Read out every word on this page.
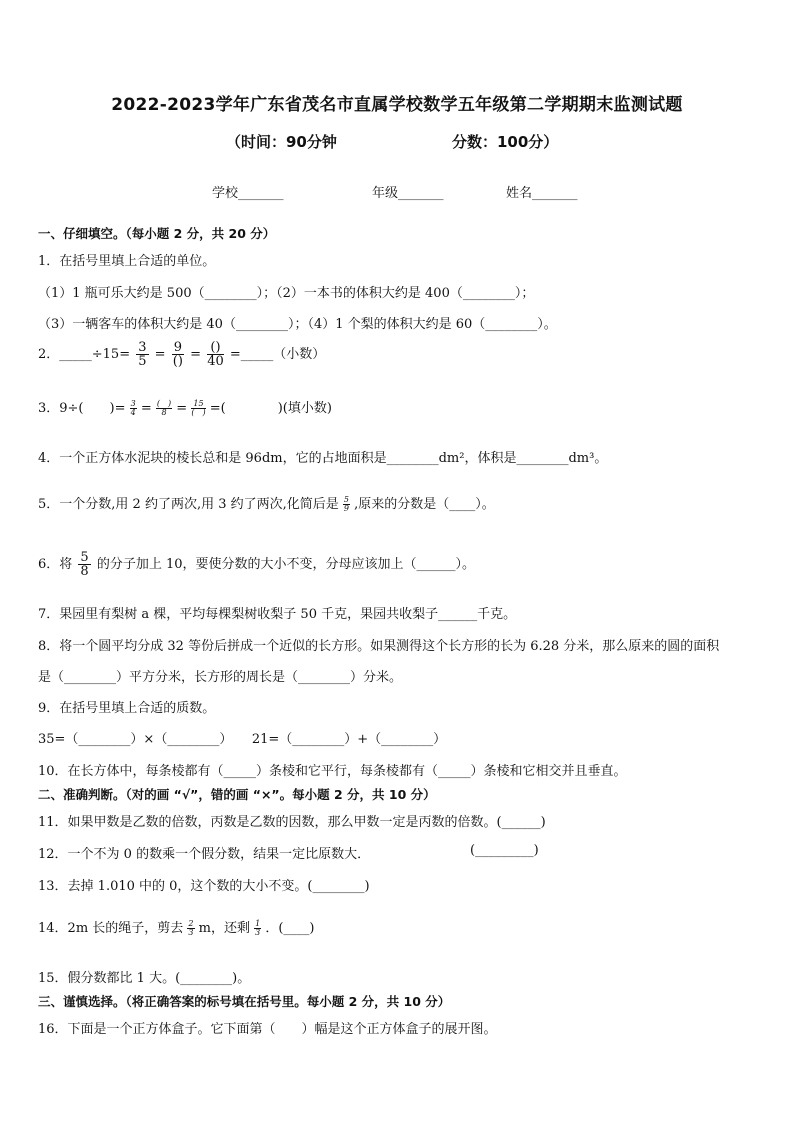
2022-2023学年广东省茂名市直属学校数学五年级第二学期期末监测试题
（时间：90分钟	分数：100分）
学校_______	年级_______	姓名_______
一、仔细填空。（每小题 2 分，共 20 分）
1．在括号里填上合适的单位。
（1）1 瓶可乐大约是 500（________）；（2）一本书的体积大约是 400（________）；
（3）一辆客车的体积大约是 40（________）；（4）1 个梨的体积大约是 60（________）。
2．_____÷15= $\frac{3}{5} = \frac{9}{()} = \frac{()}{40}$ =_____（小数）
3．9÷(　　)= $\frac{3}{4}$ = (　)
8 = 15
(　) =(　　　　)(填小数)
4．一个正方体水泥块的棱长总和是 96dm，它的占地面积是________dm²，体积是________dm³。
5．一个分数,用 2 约了两次,用 3 约了两次,化简后是 $\frac{5}{9}$ ,原来的分数是（____）。
6．将 $\frac{5}{8}$ 的分子加上 10，要使分数的大小不变，分母应该加上（______）。
7．果园里有梨树 a 棵，平均每棵梨树收梨子 50 千克，果园共收梨子______千克。
8．将一个圆平均分成 32 等份后拼成一个近似的长方形。如果测得这个长方形的长为 6.28 分米，那么原来的圆的面积
是（________）平方分米，长方形的周长是（________）分米。
9．在括号里填上合适的质数。
35=（________）×（________）　　21=（________）+（________）
10．在长方体中，每条棱都有（_____）条棱和它平行，每条棱都有（_____）条棱和它相交并且垂直。
二、准确判断。（对的画 “√”，错的画 “×”。每小题 2 分，共 10 分）
11．如果甲数是乙数的倍数，丙数是乙数的因数，那么甲数一定是丙数的倍数。(______)
12．一个不为 0 的数乘一个假分数，结果一定比原数大．	(_________)
13．去掉 1.010 中的 0，这个数的大小不变。(________)
14．2m 长的绳子，剪去 $\frac{2}{3}$ m，还剩 $\frac{1}{3}$ ．(____)
15．假分数都比 1 大。(________)。
三、谨慎选择。（将正确答案的标号填在括号里。每小题 2 分，共 10 分）
16．下面是一个正方体盒子。它下面第（　　）幅是这个正方体盒子的展开图。
